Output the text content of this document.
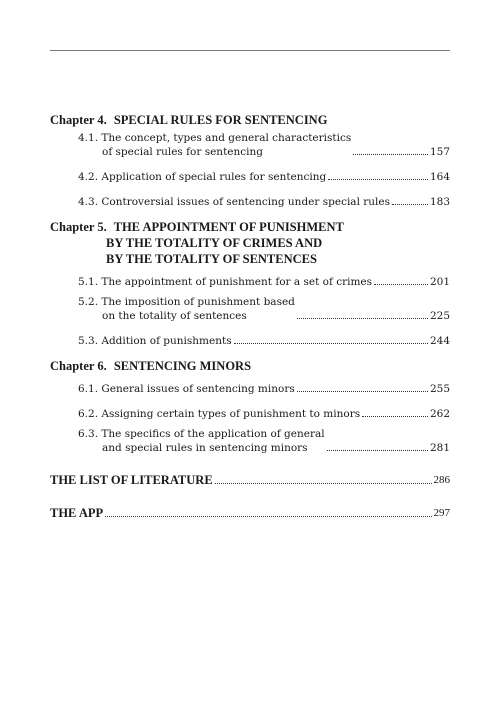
Chapter 4. SPECIAL RULES FOR SENTENCING
4.1. The concept, types and general characteristics
of special rules for sentencing	157
4.2. Application of special rules for sentencing	164
4.3. Controversial issues of sentencing under special rules	183
Chapter 5. THE APPOINTMENT OF PUNISHMENT
BY THE TOTALITY OF CRIMES AND
BY THE TOTALITY OF SENTENCES
5.1. The appointment of punishment for a set of crimes	201
5.2. The imposition of punishment based
on the totality of sentences	225
5.3. Addition of punishments	244
Chapter 6. SENTENCING MINORS
6.1. General issues of sentencing minors	255
6.2. Assigning certain types of punishment to minors	262
6.3. The specifics of the application of general
and special rules in sentencing minors	281
THE LIST OF LITERATURE	286
THE APP	297
